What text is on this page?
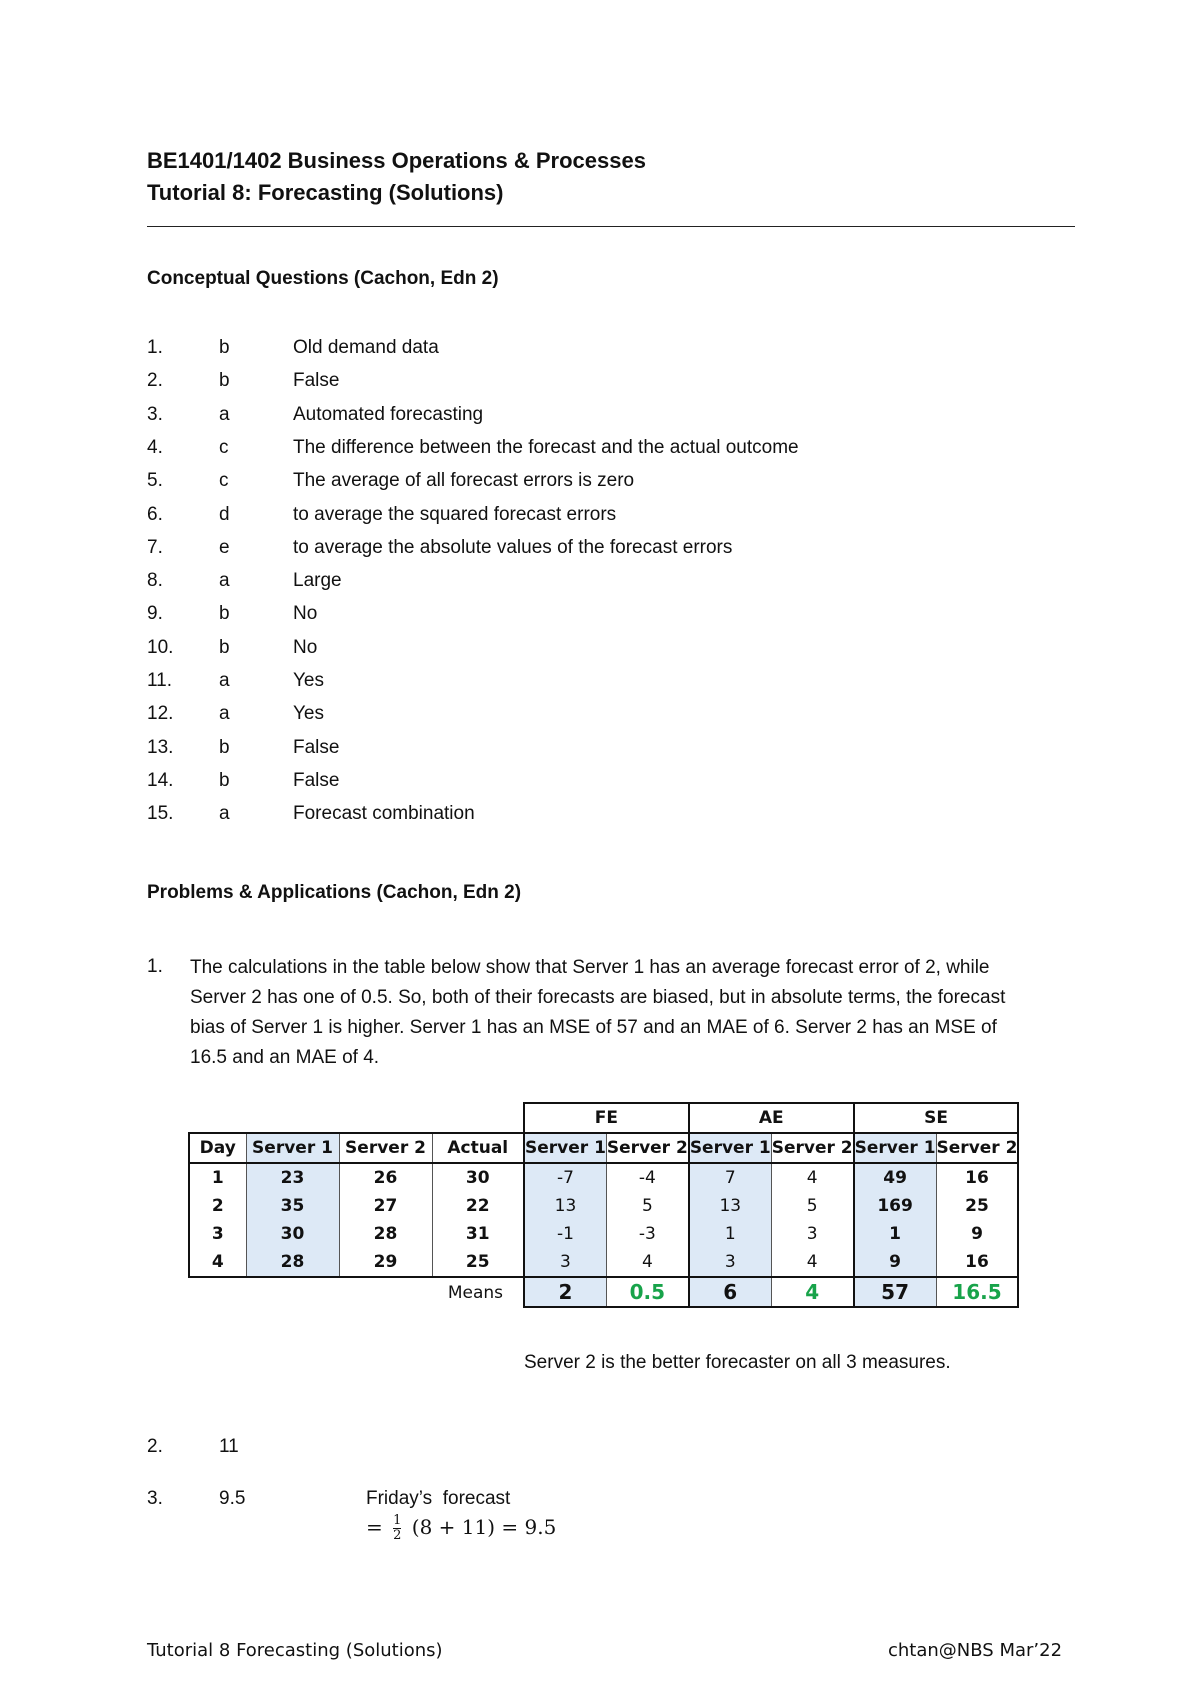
BE1401/1402 Business Operations & Processes
Tutorial 8: Forecasting (Solutions)
Conceptual Questions (Cachon, Edn 2)
1.	b	Old demand data
2.	b	False
3.	a	Automated forecasting
4.	c	The difference between the forecast and the actual outcome
5.	c	The average of all forecast errors is zero
6.	d	to average the squared forecast errors
7.	e	to average the absolute values of the forecast errors
8.	a	Large
9.	b	No
10. b	No
11. a	Yes
12. a	Yes
13. b	False
14. b	False
15. a	Forecast combination
Problems & Applications (Cachon, Edn 2)
1. The calculations in the table below show that Server 1 has an average forecast error of 2, while
Server 2 has one of 0.5. So, both of their forecasts are biased, but in absolute terms, the forecast
bias of Server 1 is higher. Server 1 has an MSE of 57 and an MAE of 6. Server 2 has an MSE of
16.5 and an MAE of 4.
				FE		AE		SE	
Day	Server 1	Server 2	Actual	Server 1	Server 2	Server 1	Server 2	Server 1	Server 2
1	23	26	30	-7	-4	7	4	49	16
2	35	27	22	13	5	13	5	169	25
3	30	28	31	-1	-3	1	3	1	9
4	28	29	25	3	4	3	4	9	16
Means				2	0.5	6	4	57	16.5
Server 2 is the better forecaster on all 3 measures.
2.	11
3.	9.5	Friday’s  forecast
= $\frac{1}{2} (8 + 11) = 9.5$
Tutorial 8 Forecasting (Solutions)	chtan@NBS Mar’22
